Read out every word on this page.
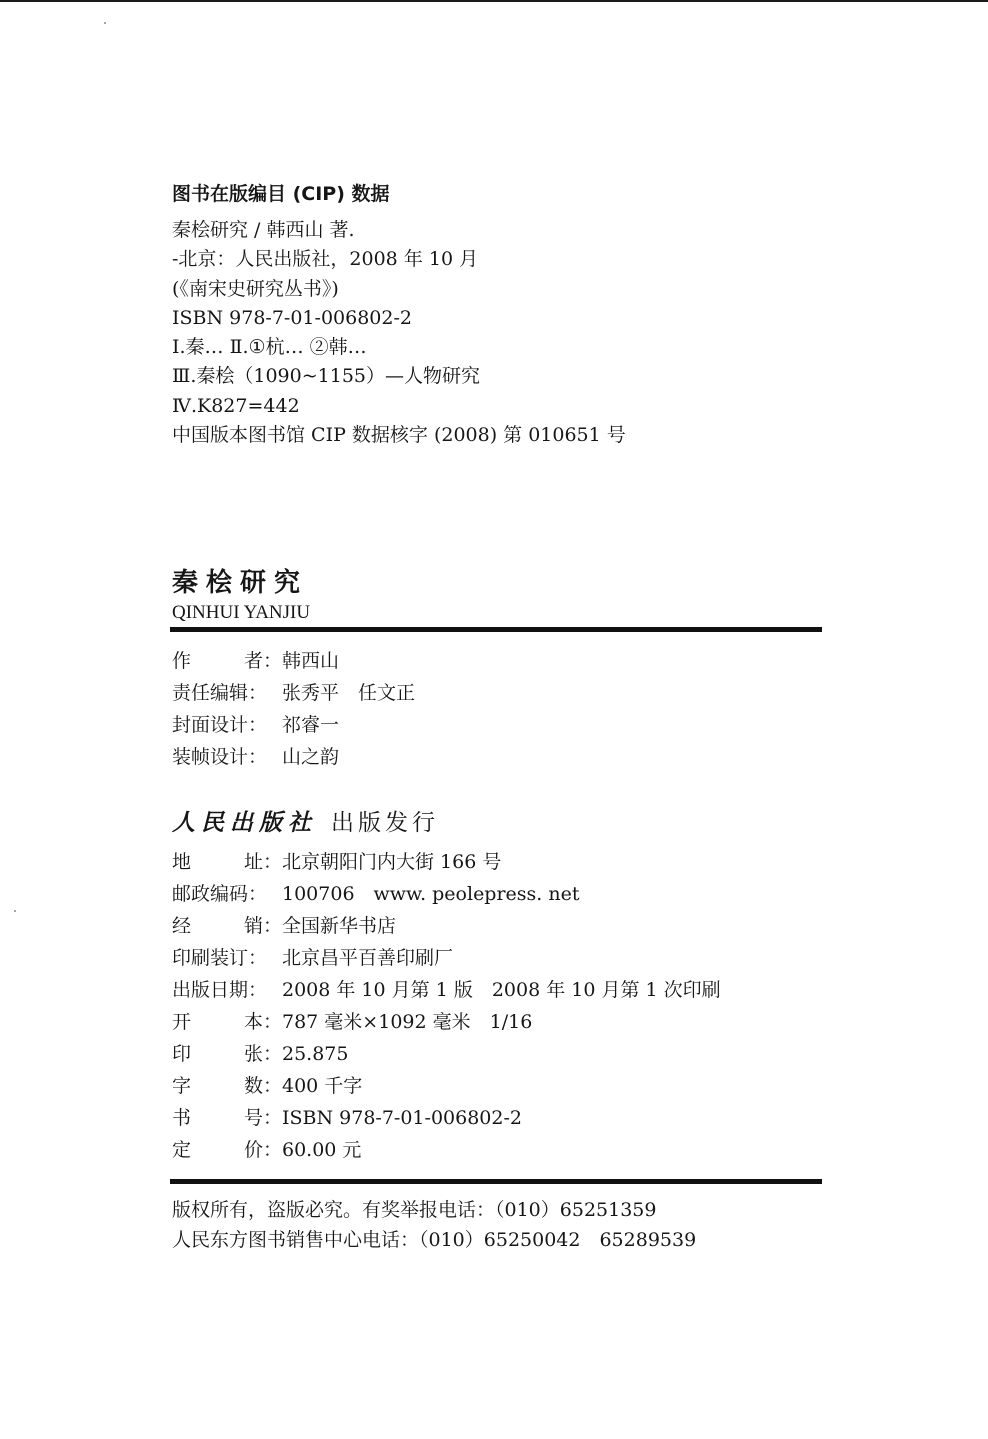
图书在版编目 (CIP) 数据
秦桧研究 / 韩西山 著.
-北京：人民出版社，2008 年 10 月
(《南宋史研究丛书》)
ISBN 978-7-01-006802-2
Ⅰ.秦… Ⅱ.①杭… ②韩…
Ⅲ.秦桧（1090~1155）—人物研究
Ⅳ.K827=442
中国版本图书馆 CIP 数据核字 (2008) 第 010651 号
秦桧研究
QINHUI YANJIU
作	者： 韩西山
责任编辑： 张秀平　任文正
封面设计： 祁睿一
装帧设计： 山之韵
人民出版社 出版发行
地	址： 北京朝阳门内大街 166 号
邮政编码： 100706　www. peolepress. net
经	销： 全国新华书店
印刷装订： 北京昌平百善印刷厂
出版日期： 2008 年 10 月第 1 版　2008 年 10 月第 1 次印刷
开	本： 787 毫米×1092 毫米　1/16
印	张： 25.875
字	数： 400 千字
书	号： ISBN 978-7-01-006802-2
定	价： 60.00 元
版权所有，盗版必究。有奖举报电话：（010）65251359
人民东方图书销售中心电话：（010）65250042　65289539
